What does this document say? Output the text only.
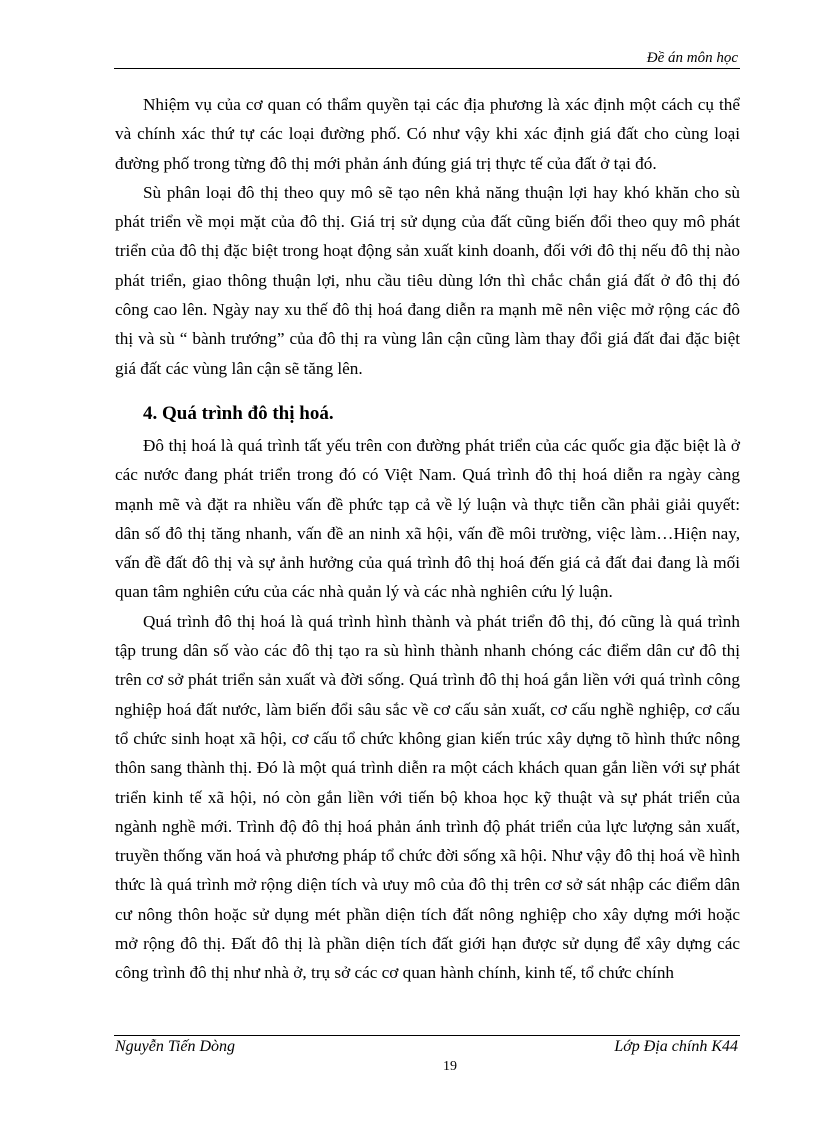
Đề án môn học

Nhiệm vụ của cơ quan có thẩm quyền tại các địa phương là xác định một cách cụ thể và chính xác thứ tự các loại đường phố. Có như vậy khi xác định giá đất cho cùng loại đường phố trong từng đô thị mới phản ánh đúng giá trị thực tế của đất ở tại đó.

Sù phân loại đô thị theo quy mô sẽ tạo nên khả năng thuận lợi hay khó khăn cho sù phát triển về mọi mặt của đô thị. Giá trị sử dụng của đất cũng biến đổi theo quy mô phát triển của đô thị đặc biệt trong hoạt động sản xuất kinh doanh, đối với đô thị nếu đô thị nào phát triển, giao thông thuận lợi, nhu cầu tiêu dùng lớn thì chắc chắn giá đất ở đô thị đó công cao lên. Ngày nay xu thế đô thị hoá đang diễn ra mạnh mẽ nên việc mở rộng các đô thị và sù “ bành trướng” của đô thị ra vùng lân cận cũng làm thay đổi giá đất đai đặc biệt giá đất các vùng lân cận sẽ tăng lên.

4. Quá trình đô thị hoá.

Đô thị hoá là quá trình tất yếu trên con đường phát triển của các quốc gia đặc biệt là ở các nước đang phát triển trong đó có Việt Nam. Quá trình đô thị hoá diễn ra ngày càng mạnh mẽ và đặt ra nhiều vấn đề phức tạp cả về lý luận và thực tiễn cần phải giải quyết: dân số đô thị tăng nhanh, vấn đề an ninh xã hội, vấn đề môi trường, việc làm…Hiện nay, vấn đề đất đô thị và sự ảnh hưởng của quá trình đô thị hoá đến giá cả đất đai đang là mối quan tâm nghiên cứu của các nhà quản lý và các nhà nghiên cứu lý luận.

Quá trình đô thị hoá là quá trình hình thành và phát triển đô thị, đó cũng là quá trình tập trung dân số vào các đô thị tạo ra sù hình thành nhanh chóng các điểm dân cư đô thị trên cơ sở phát triển sản xuất và đời sống. Quá trình đô thị hoá gắn liền với quá trình công nghiệp hoá đất nước, làm biến đổi sâu sắc về cơ cấu sản xuất, cơ cấu nghề nghiệp, cơ cấu tổ chức sinh hoạt xã hội, cơ cấu tổ chức không gian kiến trúc xây dựng tõ hình thức nông thôn sang thành thị. Đó là một quá trình diễn ra một cách khách quan gắn liền với sự phát triển kinh tế xã hội, nó còn gắn liền với tiến bộ khoa học kỹ thuật và sự phát triển của ngành nghề mới. Trình độ đô thị hoá phản ánh trình độ phát triển của lực lượng sản xuất, truyền thống văn hoá và phương pháp tổ chức đời sống xã hội. Như vậy đô thị hoá về hình thức là quá trình mở rộng diện tích và ưuy mô của đô thị trên cơ sở sát nhập các điểm dân cư nông thôn hoặc sử dụng mét phần diện tích đất nông nghiệp cho xây dựng mới hoặc mở rộng đô thị. Đất đô thị là phần diện tích đất giới hạn được sử dụng để xây dựng các công trình đô thị như nhà ở, trụ sở các cơ quan hành chính, kinh tế, tổ chức chính

Nguyễn Tiến Dòng	Lớp Địa chính K44
19
